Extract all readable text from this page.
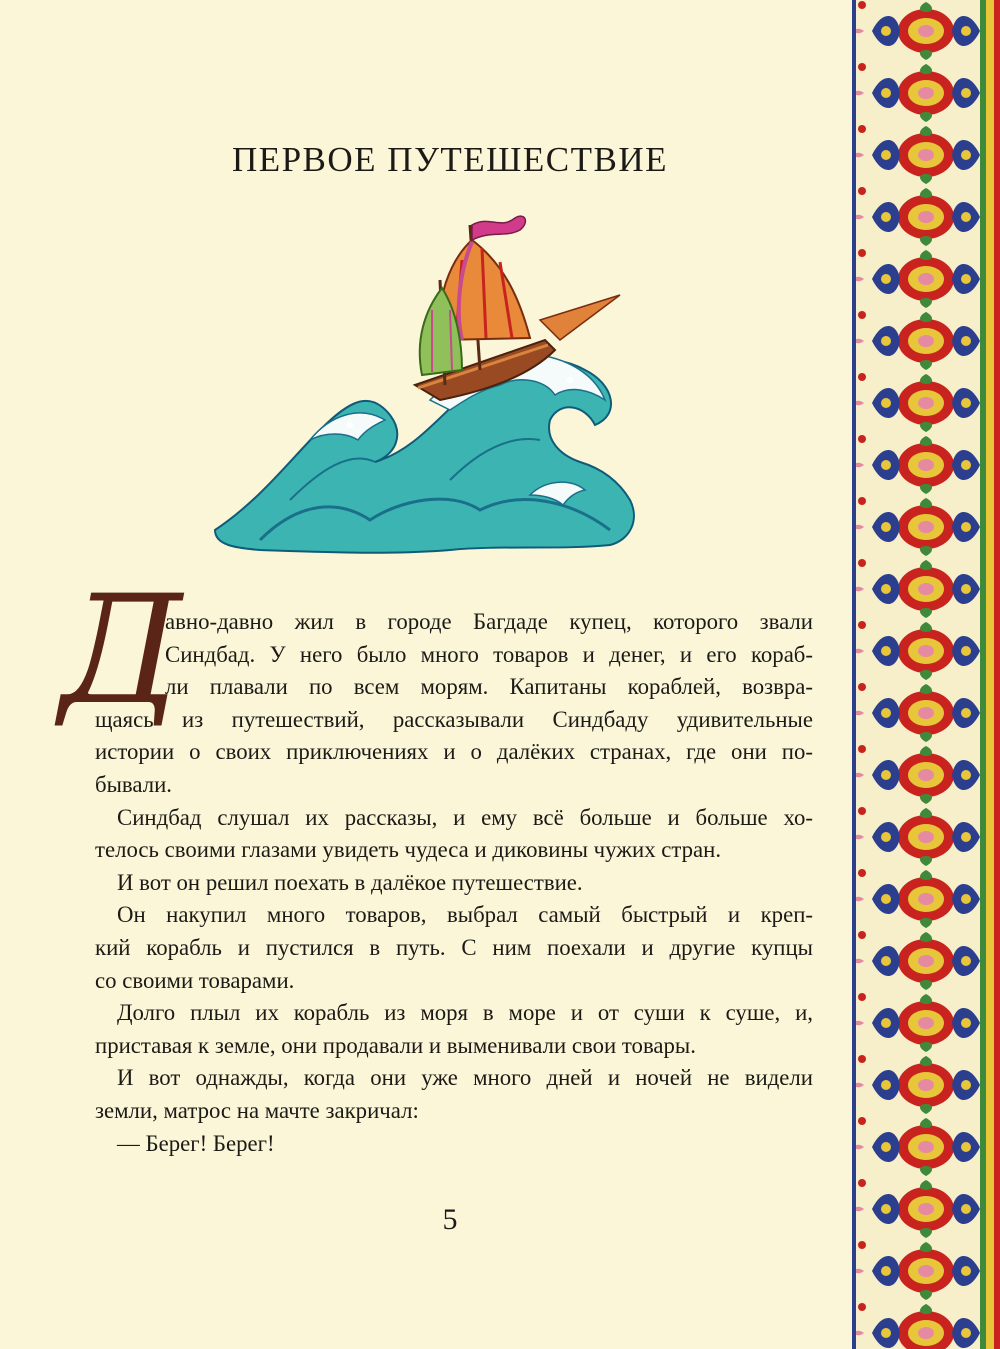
ПЕРВОЕ ПУТЕШЕСТВИЕ
Д
авно-давно жил в городе Багдаде купец, которого звали
Синдбад. У него было много товаров и денег, и его кораб-
ли плавали по всем морям. Капитаны кораблей, возвра-
щаясь из путешествий, рассказывали Синдбаду удивительные
истории о своих приключениях и о далёких странах, где они по-
бывали.
Синдбад слушал их рассказы, и ему всё больше и больше хо-
телось своими глазами увидеть чудеса и диковины чужих стран.
И вот он решил поехать в далёкое путешествие.
Он накупил много товаров, выбрал самый быстрый и креп-
кий корабль и пустился в путь. С ним поехали и другие купцы
со своими товарами.
Долго плыл их корабль из моря в море и от суши к суше, и,
приставая к земле, они продавали и выменивали свои товары.
И вот однажды, когда они уже много дней и ночей не видели
земли, матрос на мачте закричал:
— Берег! Берег!
5
